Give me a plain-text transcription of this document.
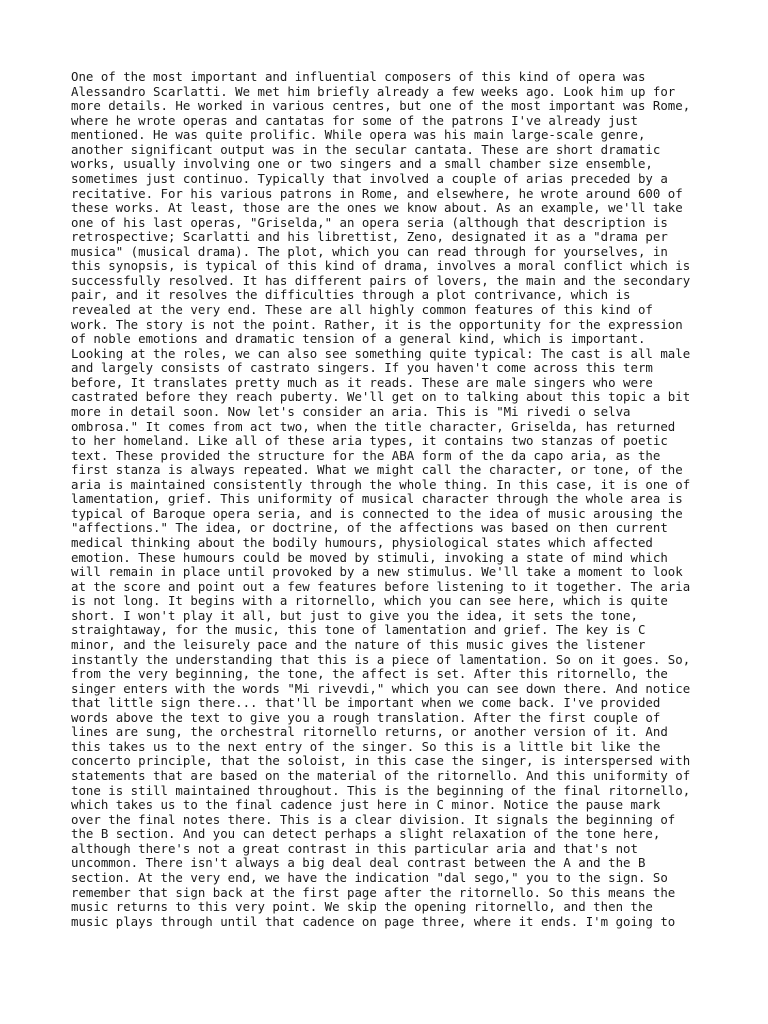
One of the most important and influential composers of this kind of opera was
Alessandro Scarlatti. We met him briefly already a few weeks ago. Look him up for
more details. He worked in various centres, but one of the most important was Rome,
where he wrote operas and cantatas for some of the patrons I've already just
mentioned. He was quite prolific. While opera was his main large-scale genre,
another significant output was in the secular cantata. These are short dramatic
works, usually involving one or two singers and a small chamber size ensemble,
sometimes just continuo. Typically that involved a couple of arias preceded by a
recitative. For his various patrons in Rome, and elsewhere, he wrote around 600 of
these works. At least, those are the ones we know about. As an example, we'll take
one of his last operas, "Griselda," an opera seria (although that description is
retrospective; Scarlatti and his librettist, Zeno, designated it as a "drama per
musica" (musical drama). The plot, which you can read through for yourselves, in
this synopsis, is typical of this kind of drama, involves a moral conflict which is
successfully resolved. It has different pairs of lovers, the main and the secondary
pair, and it resolves the difficulties through a plot contrivance, which is
revealed at the very end. These are all highly common features of this kind of
work. The story is not the point. Rather, it is the opportunity for the expression
of noble emotions and dramatic tension of a general kind, which is important.
Looking at the roles, we can also see something quite typical: The cast is all male
and largely consists of castrato singers. If you haven't come across this term
before, It translates pretty much as it reads. These are male singers who were
castrated before they reach puberty. We'll get on to talking about this topic a bit
more in detail soon. Now let's consider an aria. This is "Mi rivedi o selva
ombrosa." It comes from act two, when the title character, Griselda, has returned
to her homeland. Like all of these aria types, it contains two stanzas of poetic
text. These provided the structure for the ABA form of the da capo aria, as the
first stanza is always repeated. What we might call the character, or tone, of the
aria is maintained consistently through the whole thing. In this case, it is one of
lamentation, grief. This uniformity of musical character through the whole area is
typical of Baroque opera seria, and is connected to the idea of music arousing the
"affections." The idea, or doctrine, of the affections was based on then current
medical thinking about the bodily humours, physiological states which affected
emotion. These humours could be moved by stimuli, invoking a state of mind which
will remain in place until provoked by a new stimulus. We'll take a moment to look
at the score and point out a few features before listening to it together. The aria
is not long. It begins with a ritornello, which you can see here, which is quite
short. I won't play it all, but just to give you the idea, it sets the tone,
straightaway, for the music, this tone of lamentation and grief. The key is C
minor, and the leisurely pace and the nature of this music gives the listener
instantly the understanding that this is a piece of lamentation. So on it goes. So,
from the very beginning, the tone, the affect is set. After this ritornello, the
singer enters with the words "Mi rivevdi," which you can see down there. And notice
that little sign there... that'll be important when we come back. I've provided
words above the text to give you a rough translation. After the first couple of
lines are sung, the orchestral ritornello returns, or another version of it. And
this takes us to the next entry of the singer. So this is a little bit like the
concerto principle, that the soloist, in this case the singer, is interspersed with
statements that are based on the material of the ritornello. And this uniformity of
tone is still maintained throughout. This is the beginning of the final ritornello,
which takes us to the final cadence just here in C minor. Notice the pause mark
over the final notes there. This is a clear division. It signals the beginning of
the B section. And you can detect perhaps a slight relaxation of the tone here,
although there's not a great contrast in this particular aria and that's not
uncommon. There isn't always a big deal deal contrast between the A and the B
section. At the very end, we have the indication "dal sego," you to the sign. So
remember that sign back at the first page after the ritornello. So this means the
music returns to this very point. We skip the opening ritornello, and then the
music plays through until that cadence on page three, where it ends. I'm going to
